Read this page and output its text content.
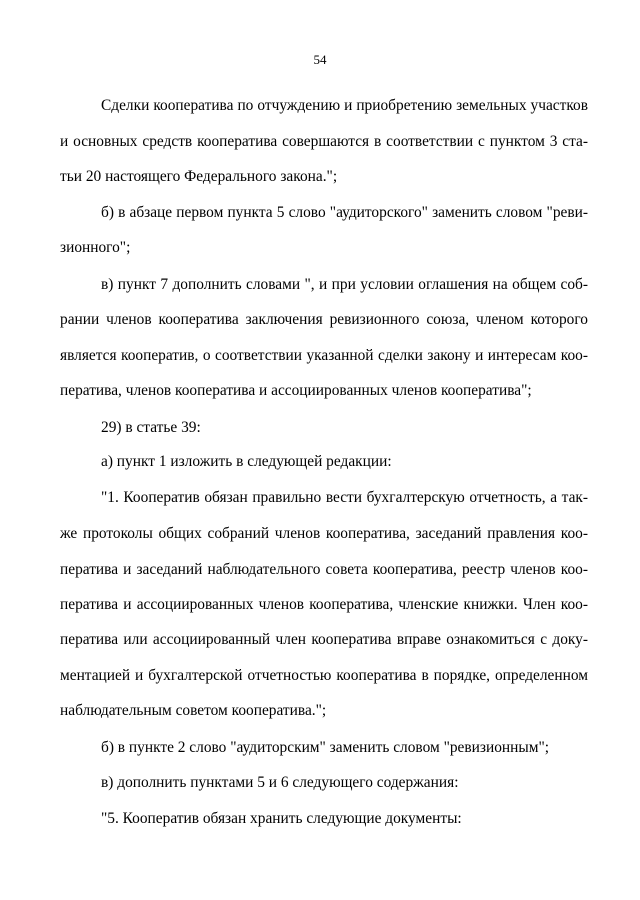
54
Сделки кооператива по отчуждению и приобретению земельных участков
и основных средств кооператива совершаются в соответствии с пунктом 3 ста-
тьи 20 настоящего Федерального закона.";
б) в абзаце первом пункта 5 слово "аудиторского" заменить словом "реви-
зионного";
в) пункт 7 дополнить словами ", и при условии оглашения на общем соб-
рании членов кооператива заключения ревизионного союза, членом которого
является кооператив, о соответствии указанной сделки закону и интересам коо-
ператива, членов кооператива и ассоциированных членов кооператива";
29) в статье 39:
а) пункт 1 изложить в следующей редакции:
"1. Кооператив обязан правильно вести бухгалтерскую отчетность, а так-
же протоколы общих собраний членов кооператива, заседаний правления коо-
ператива и заседаний наблюдательного совета кооператива, реестр членов коо-
ператива и ассоциированных членов кооператива, членские книжки. Член коо-
ператива или ассоциированный член кооператива вправе ознакомиться с доку-
ментацией и бухгалтерской отчетностью кооператива в порядке, определенном
наблюдательным советом кооператива.";
б) в пункте 2 слово "аудиторским" заменить словом "ревизионным";
в) дополнить пунктами 5 и 6 следующего содержания:
"5. Кооператив обязан хранить следующие документы:
